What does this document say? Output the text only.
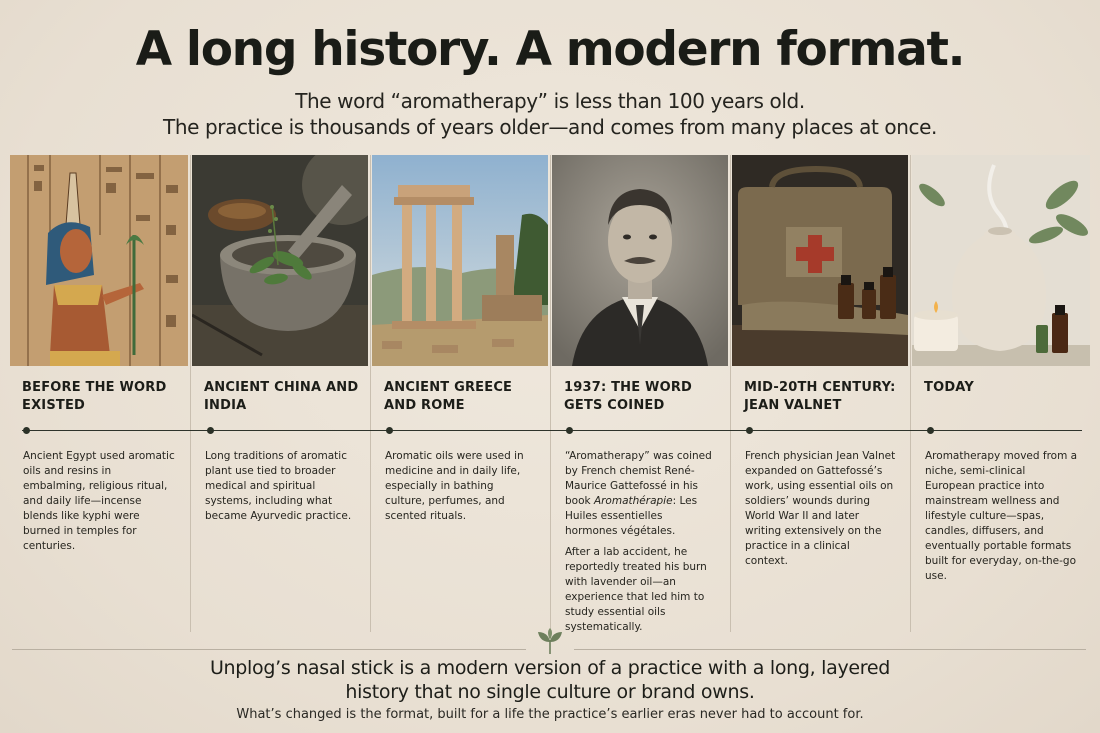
A long history. A modern format.
The word “aromatherapy” is less than 100 years old.
The practice is thousands of years older—and comes from many places at once.
BEFORE THE WORD EXISTED

Ancient Egypt used aromatic oils and resins in embalming, religious ritual, and daily life—incense blends like kyphi were burned in temples for centuries.

ANCIENT CHINA AND INDIA

Long traditions of aromatic plant use tied to broader medical and spiritual systems, including what became Ayurvedic practice.

ANCIENT GREECE AND ROME

Aromatic oils were used in medicine and in daily life, especially in bathing culture, perfumes, and scented rituals.

1937: THE WORD GETS COINED

“Aromatherapy” was coined by French chemist René-Maurice Gattefossé in his book Aromathérapie: Les Huiles essentielles hormones végétales.

After a lab accident, he reportedly treated his burn with lavender oil—an experience that led him to study essential oils systematically.

MID-20TH CENTURY: JEAN VALNET

French physician Jean Valnet expanded on Gattefossé’s work, using essential oils on soldiers’ wounds during World War II and later writing extensively on the practice in a clinical context.

TODAY

Aromatherapy moved from a niche, semi-clinical European practice into mainstream wellness and lifestyle culture—spas, candles, diffusers, and eventually portable formats built for everyday, on-the-go use.

Unplog’s nasal stick is a modern version of a practice with a long, layered history that no single culture or brand owns.
What’s changed is the format, built for a life the practice’s earlier eras never had to account for.
